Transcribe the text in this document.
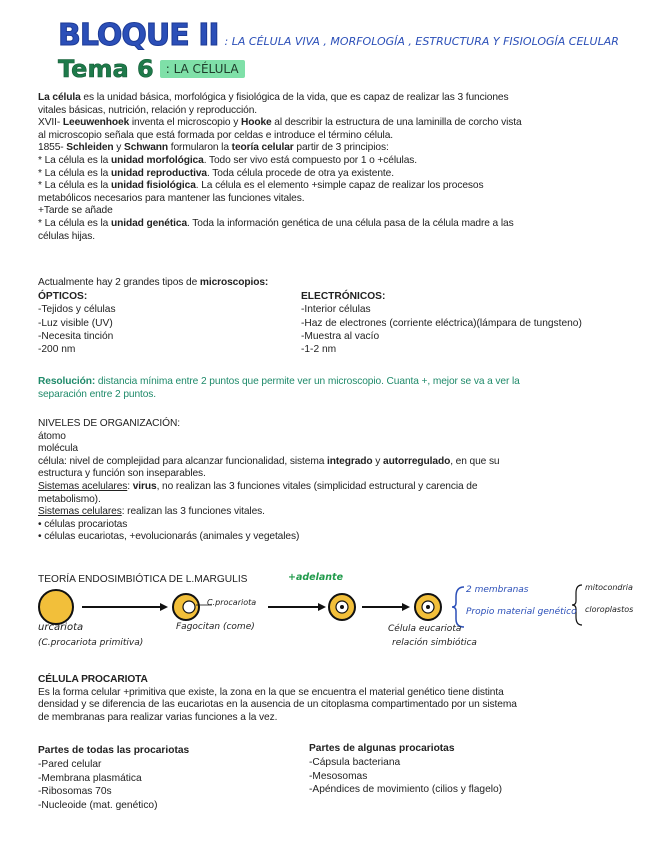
BLOQUE II : LA CÉLULA VIVA , MORFOLOGÍA , ESTRUCTURA Y FISIOLOGÍA CELULAR
Tema 6	: LA CÉLULA
La célula es la unidad básica, morfológica y fisiológica de la vida, que es capaz de realizar las 3 funciones
vitales básicas, nutrición, relación y reproducción.
XVII- Leeuwenhoek inventa el microscopio y Hooke al describir la estructura de una laminilla de corcho vista
al microscopio señala que está formada por celdas e introduce el término célula.
1855- Schleiden y Schwann formularon la teoría celular partir de 3 principios:
* La célula es la unidad morfológica. Todo ser vivo está compuesto por 1 o +células.
* La célula es la unidad reproductiva. Toda célula procede de otra ya existente.
* La célula es la unidad fisiológica. La célula es el elemento +simple capaz de realizar los procesos
metabólicos necesarios para mantener las funciones vitales.
+Tarde se añade
* La célula es la unidad genética. Toda la información genética de una célula pasa de la célula madre a las
células hijas.
Actualmente hay 2 grandes tipos de microscopios:
ÓPTICOS:
-Tejidos y células
-Luz visible (UV)
-Necesita tinción
-200 nm
ELECTRÓNICOS:
-Interior células
-Haz de electrones (corriente eléctrica)(lámpara de tungsteno)
-Muestra al vacío
-1-2 nm
Resolución: distancia mínima entre 2 puntos que permite ver un microscopio. Cuanta +, mejor se va a ver la
separación entre 2 puntos.
NIVELES DE ORGANIZACIÓN:
átomo
molécula
célula: nivel de complejidad para alcanzar funcionalidad, sistema integrado y autorregulado, en que su
estructura y función son inseparables.
Sistemas acelulares: virus, no realizan las 3 funciones vitales (simplicidad estructural y carencia de
metabolismo).
Sistemas celulares: realizan las 3 funciones vitales.
• células procariotas
• células eucariotas, +evolucionarás (animales y vegetales)
TEORÍA ENDOSIMBIÓTICA DE L.MARGULIS	+adelante
urcariota
(C.procariota primitiva)
C.procariota
Fagocitan (come)	Célula eucariota
relación simbiótica
2 membranas
Propio material genético
mitocondria
cloroplastos
CÉLULA PROCARIOTA
Es la forma celular +primitiva que existe, la zona en la que se encuentra el material genético tiene distinta
densidad y se diferencia de las eucariotas en la ausencia de un citoplasma compartimentado por un sistema
de membranas para realizar varias funciones a la vez.
Partes de todas las procariotas
-Pared celular
-Membrana plasmática
-Ribosomas 70s
-Nucleoide (mat. genético)
Partes de algunas procariotas
-Cápsula bacteriana
-Mesosomas
-Apéndices de movimiento (cilios y flagelo)
